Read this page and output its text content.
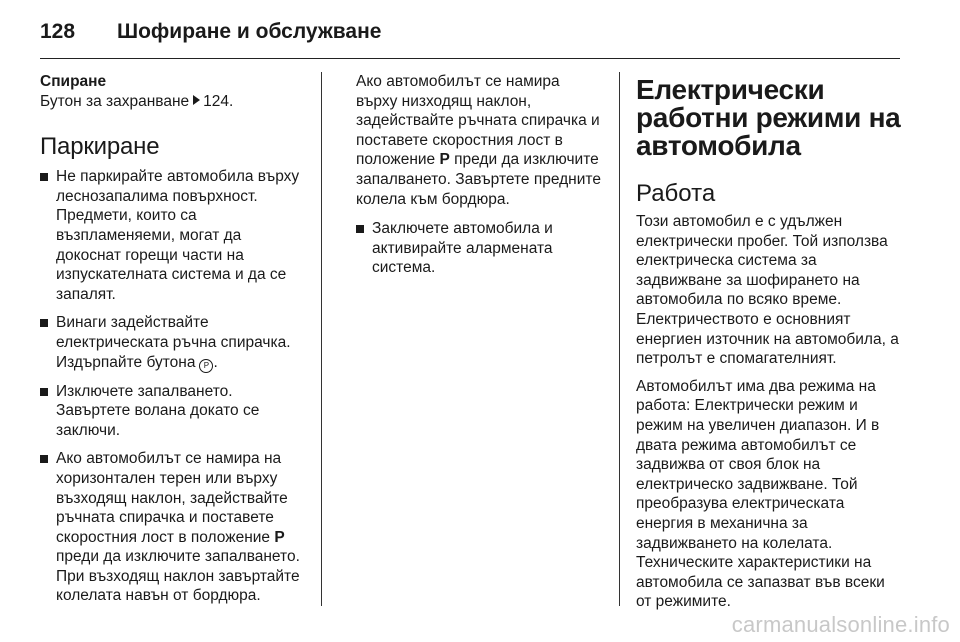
128 Шофиране и обслужване

Спиране

Бутон за захранване 124.

Паркиране
Не паркирайте автомобила върху леснозапалима повърхност. Предмети, които са възпламеняеми, могат да докоснат горещи части на изпускателната система и да се запалят.
Винаги задействайте електрическата ръчна спирачка. Издърпайте бутона P .
Изключете запалването. Завъртете волана докато се заключи.
Ако автомобилът се намира на хоризонтален терен или върху възходящ наклон, задействайте ръчната спирачка и поставете скоростния лост в положение P преди да изключите запалването. При възходящ наклон завъртайте колелата навън от бордюра.

Ако автомобилът се намира върху низходящ наклон, задействайте ръчната спирачка и поставете скоростния лост в положение P преди да изключите запалването. Завъртете предните колела към бордюра.

Заключете автомобила и активирайте алармената система.
Електрически работни режими на автомобила
Работа

Този автомобил е с удължен електрически пробег. Той използва електрическа система за задвижване за шофирането на автомобила по всяко време. Електричеството е основният енергиен източник на автомобила, а петролът е спомагателният.

Автомобилът има два режима на работа: Електрически режим и режим на увеличен диапазон. И в двата режима автомобилът се задвижва от своя блок на електрическо задвижване. Той преобразува електрическата енергия в механична за задвижването на колелата. Техническите характеристики на автомобила се запазват във всеки от режимите.

carmanualsonline.info
